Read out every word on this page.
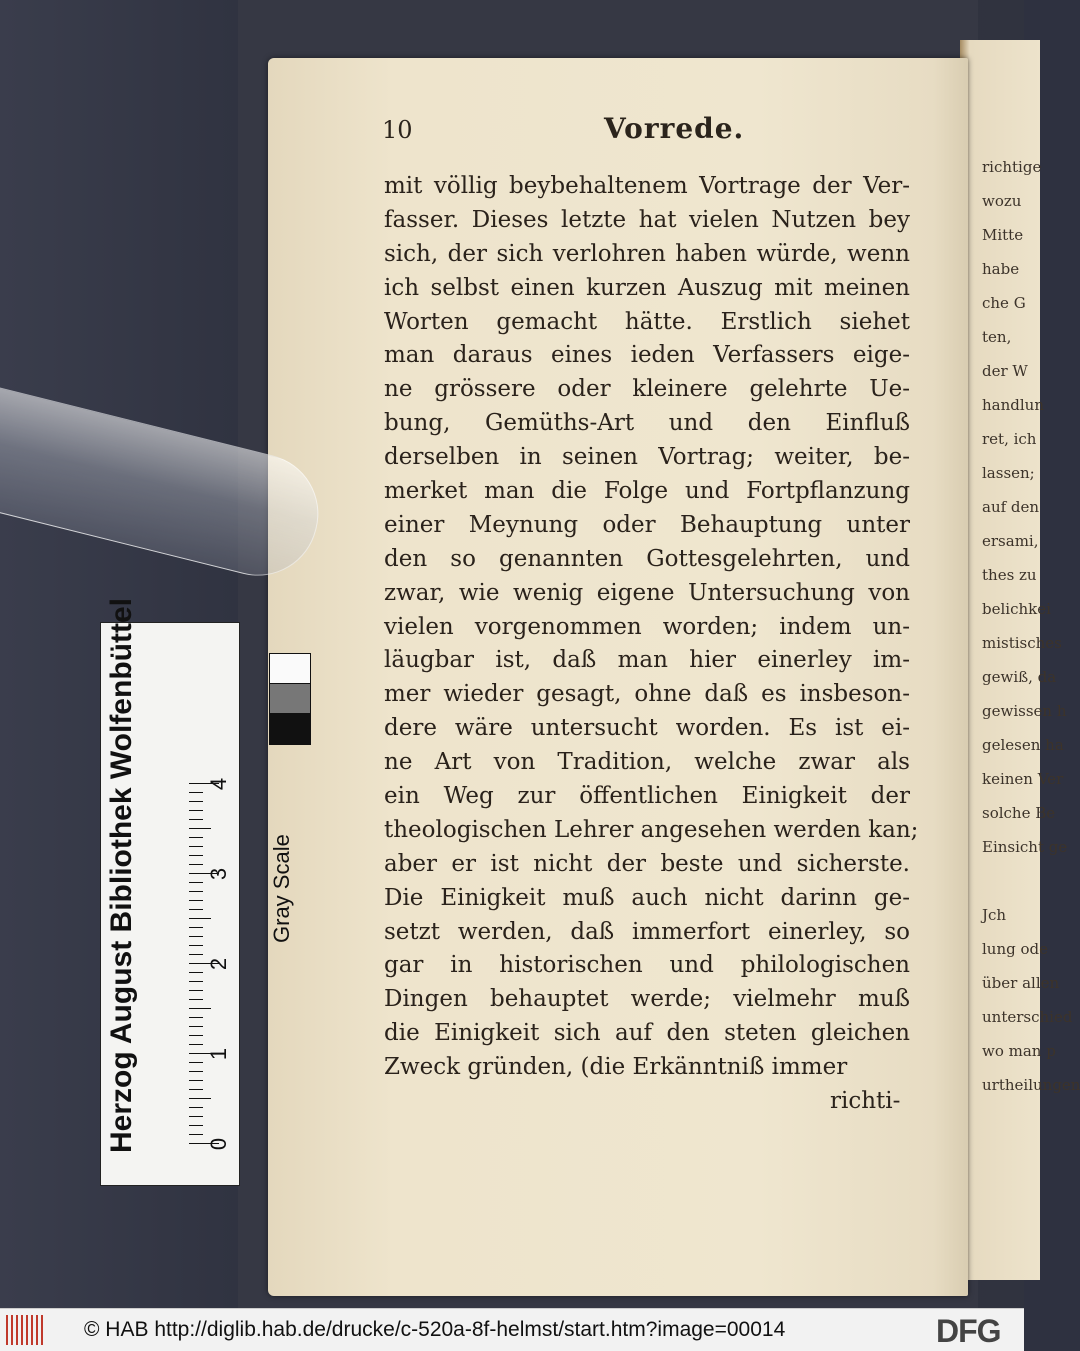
richtige
wozu
Mitte
habe
che G
ten,
der W
handlun
ret, ich
lassen;
auf den
ersami,
thes zu
belichkei
mistisches
gewiß, da
gewissen h
gelesen ha
keinen Ver
solche Be
Einsicht ge

Jch
lung
über allen
unterschied
wo man p
urtheilungen
10	Vorrede.
mit völlig beybehaltenem Vortrage der Ver-
fasser. Dieses letzte hat vielen Nutzen bey
sich, der sich verlohren haben würde, wenn
ich selbst einen kurzen Auszug mit meinen
Worten gemacht hätte. Erstlich siehet
man daraus eines ieden Verfassers eige-
ne grössere oder kleinere gelehrte Ue-
bung, Gemüths-Art und den Einfluß
derselben in seinen Vortrag; weiter, be-
merket man die Folge und Fortpflanzung
einer Meynung oder Behauptung unter
den so genannten Gottesgelehrten, und
zwar, wie wenig eigene Untersuchung von
vielen vorgenommen worden; indem un-
läugbar ist, daß man hier einerley im-
mer wieder gesagt, ohne daß es insbeson-
dere wäre untersucht worden. Es ist ei-
ne Art von Tradition, welche zwar als
ein Weg zur öffentlichen Einigkeit der
theologischen Lehrer angesehen werden kan;
aber er ist nicht der beste und sicherste.
Die Einigkeit muß auch nicht darinn ge-
setzt werden, daß immerfort einerley, so
gar in historischen und philologischen
Dingen behauptet werde; vielmehr muß
die Einigkeit sich auf den steten gleichen
Zweck gründen, (die Erkänntniß immer
richti-
Herzog August Bibliothek Wolfenbüttel	Gray Scale
0
1
2
3
4
© HAB http://diglib.hab.de/drucke/c-520a-8f-helmst/start.htm?image=00014	DFG
